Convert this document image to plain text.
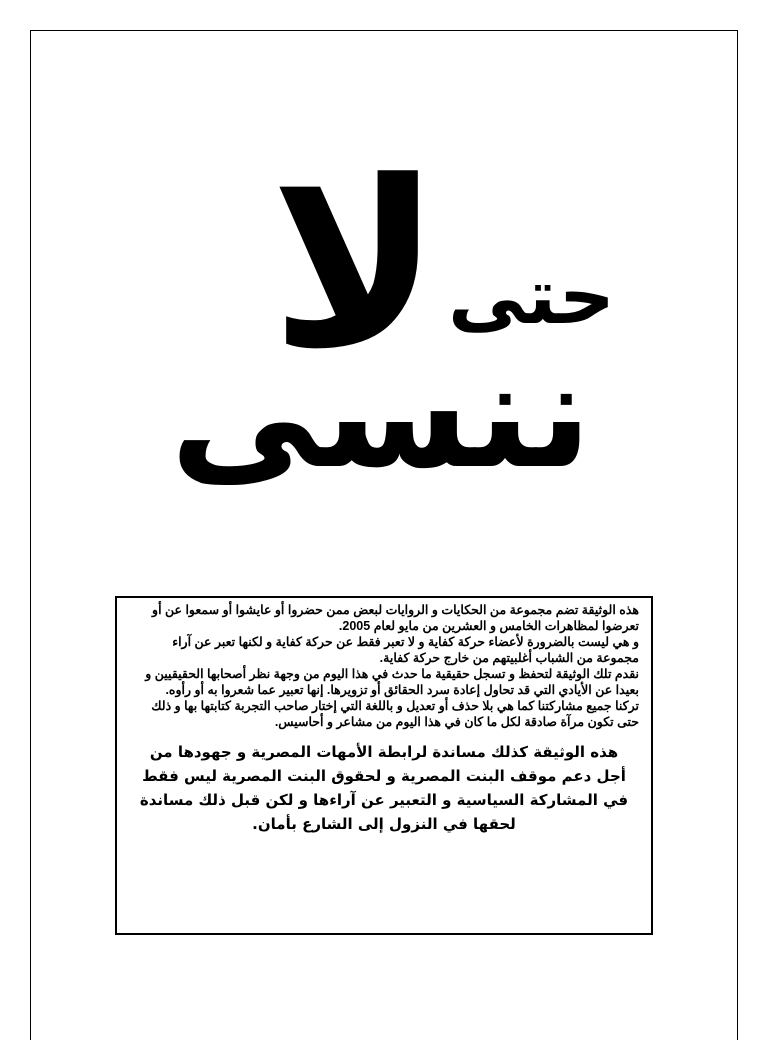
لا حتى
ننسى

هذه الوثيقة تضم مجموعة من الحكايات و الروايات لبعض ممن حضروا أو عايشوا أو سمعوا عن أو تعرضوا لمظاهرات الخامس و العشرين من مايو لعام 2005.

و هي ليست بالضرورة لأعضاء حركة كفاية و لا تعبر فقط عن حركة كفاية و لكنها تعبر عن آراء مجموعة من الشباب أغلبيتهم من خارج حركة كفاية.

نقدم تلك الوثيقة لتحفظ و تسجل حقيقية ما حدث في هذا اليوم من وجهة نظر أصحابها الحقيقيين و بعيدا عن الأيادي التي قد تحاول إعادة سرد الحقائق أو تزويرها. إنها تعبير عما شعروا به أو رأوه.

تركنا جميع مشاركتنا كما هي بلا حذف أو تعديل و باللغة التي إختار صاحب التجربة كتابتها بها و ذلك حتى تكون مرآة صادقة لكل ما كان في هذا اليوم من مشاعر و أحاسيس.

هذه الوثيقة كذلك مساندة لرابطة الأمهات المصرية و جهودها من أجل دعم موقف البنت المصرية و لحقوق البنت المصرية ليس فقط في المشاركة السياسية و التعبير عن آراءها و لكن قبل ذلك مساندة لحقها في النزول إلى الشارع بأمان.
